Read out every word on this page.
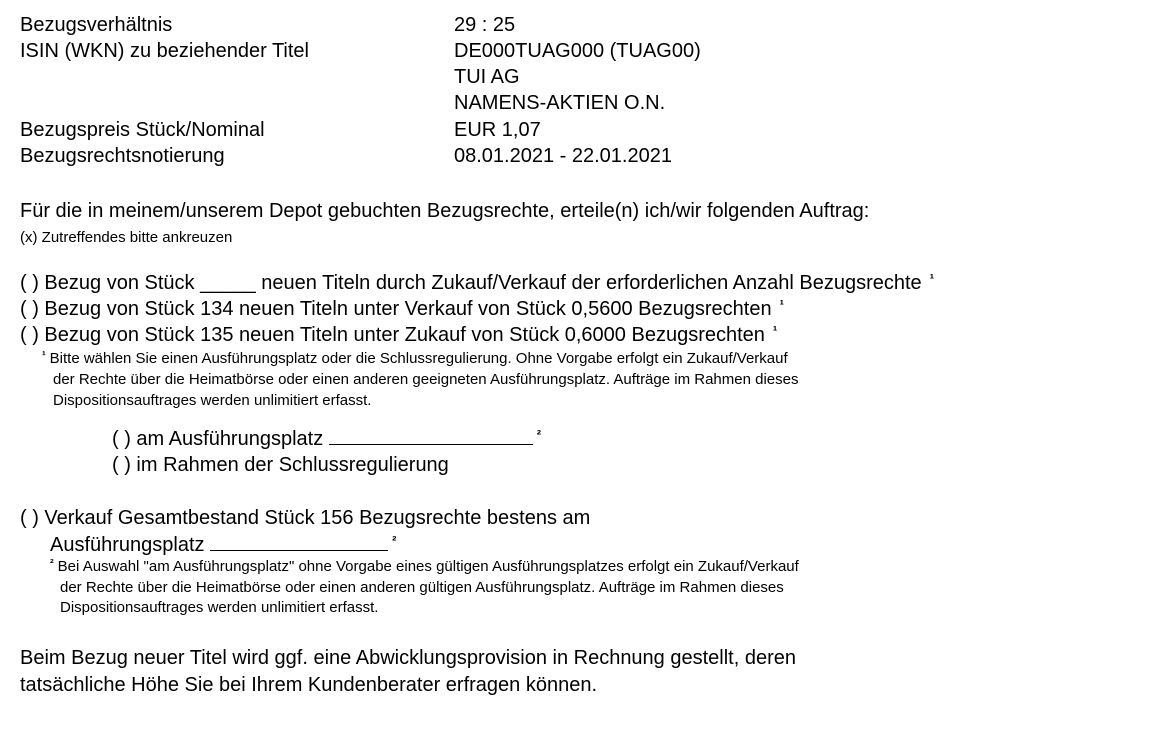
Bezugsverhältnis	29 : 25
ISIN (WKN) zu beziehender Titel	DE000TUAG000 (TUAG00)
TUI AG
NAMENS-AKTIEN O.N.
Bezugspreis Stück/Nominal	EUR 1,07
Bezugsrechtsnotierung	08.01.2021 - 22.01.2021
Für die in meinem/unserem Depot gebuchten Bezugsrechte, erteile(n) ich/wir folgenden Auftrag:
(x) Zutreffendes bitte ankreuzen
( ) Bezug von Stück _____ neuen Titeln durch Zukauf/Verkauf der erforderlichen Anzahl Bezugsrechte $^{^1}$
( ) Bezug von Stück 134 neuen Titeln unter Verkauf von Stück 0,5600 Bezugsrechten $^{^1}$
( ) Bezug von Stück 135 neuen Titeln unter Zukauf von Stück 0,6000 Bezugsrechten $^{^1}$
$^{^1}$ Bitte wählen Sie einen Ausführungsplatz oder die Schlussregulierung. Ohne Vorgabe erfolgt ein Zukauf/Verkauf
der Rechte über die Heimatbörse oder einen anderen geeigneten Ausführungsplatz. Aufträge im Rahmen dieses
Dispositionsauftrages werden unlimitiert erfasst.
( ) am Ausführungsplatz	$^{^2}$
( ) im Rahmen der Schlussregulierung
( ) Verkauf Gesamtbestand Stück 156 Bezugsrechte bestens am
Ausführungsplatz	$^{^2}$
$^{^2}$ Bei Auswahl "am Ausführungsplatz" ohne Vorgabe eines gültigen Ausführungsplatzes erfolgt ein Zukauf/Verkauf
der Rechte über die Heimatbörse oder einen anderen gültigen Ausführungsplatz. Aufträge im Rahmen dieses
Dispositionsauftrages werden unlimitiert erfasst.
Beim Bezug neuer Titel wird ggf. eine Abwicklungsprovision in Rechnung gestellt, deren
tatsächliche Höhe Sie bei Ihrem Kundenberater erfragen können.
